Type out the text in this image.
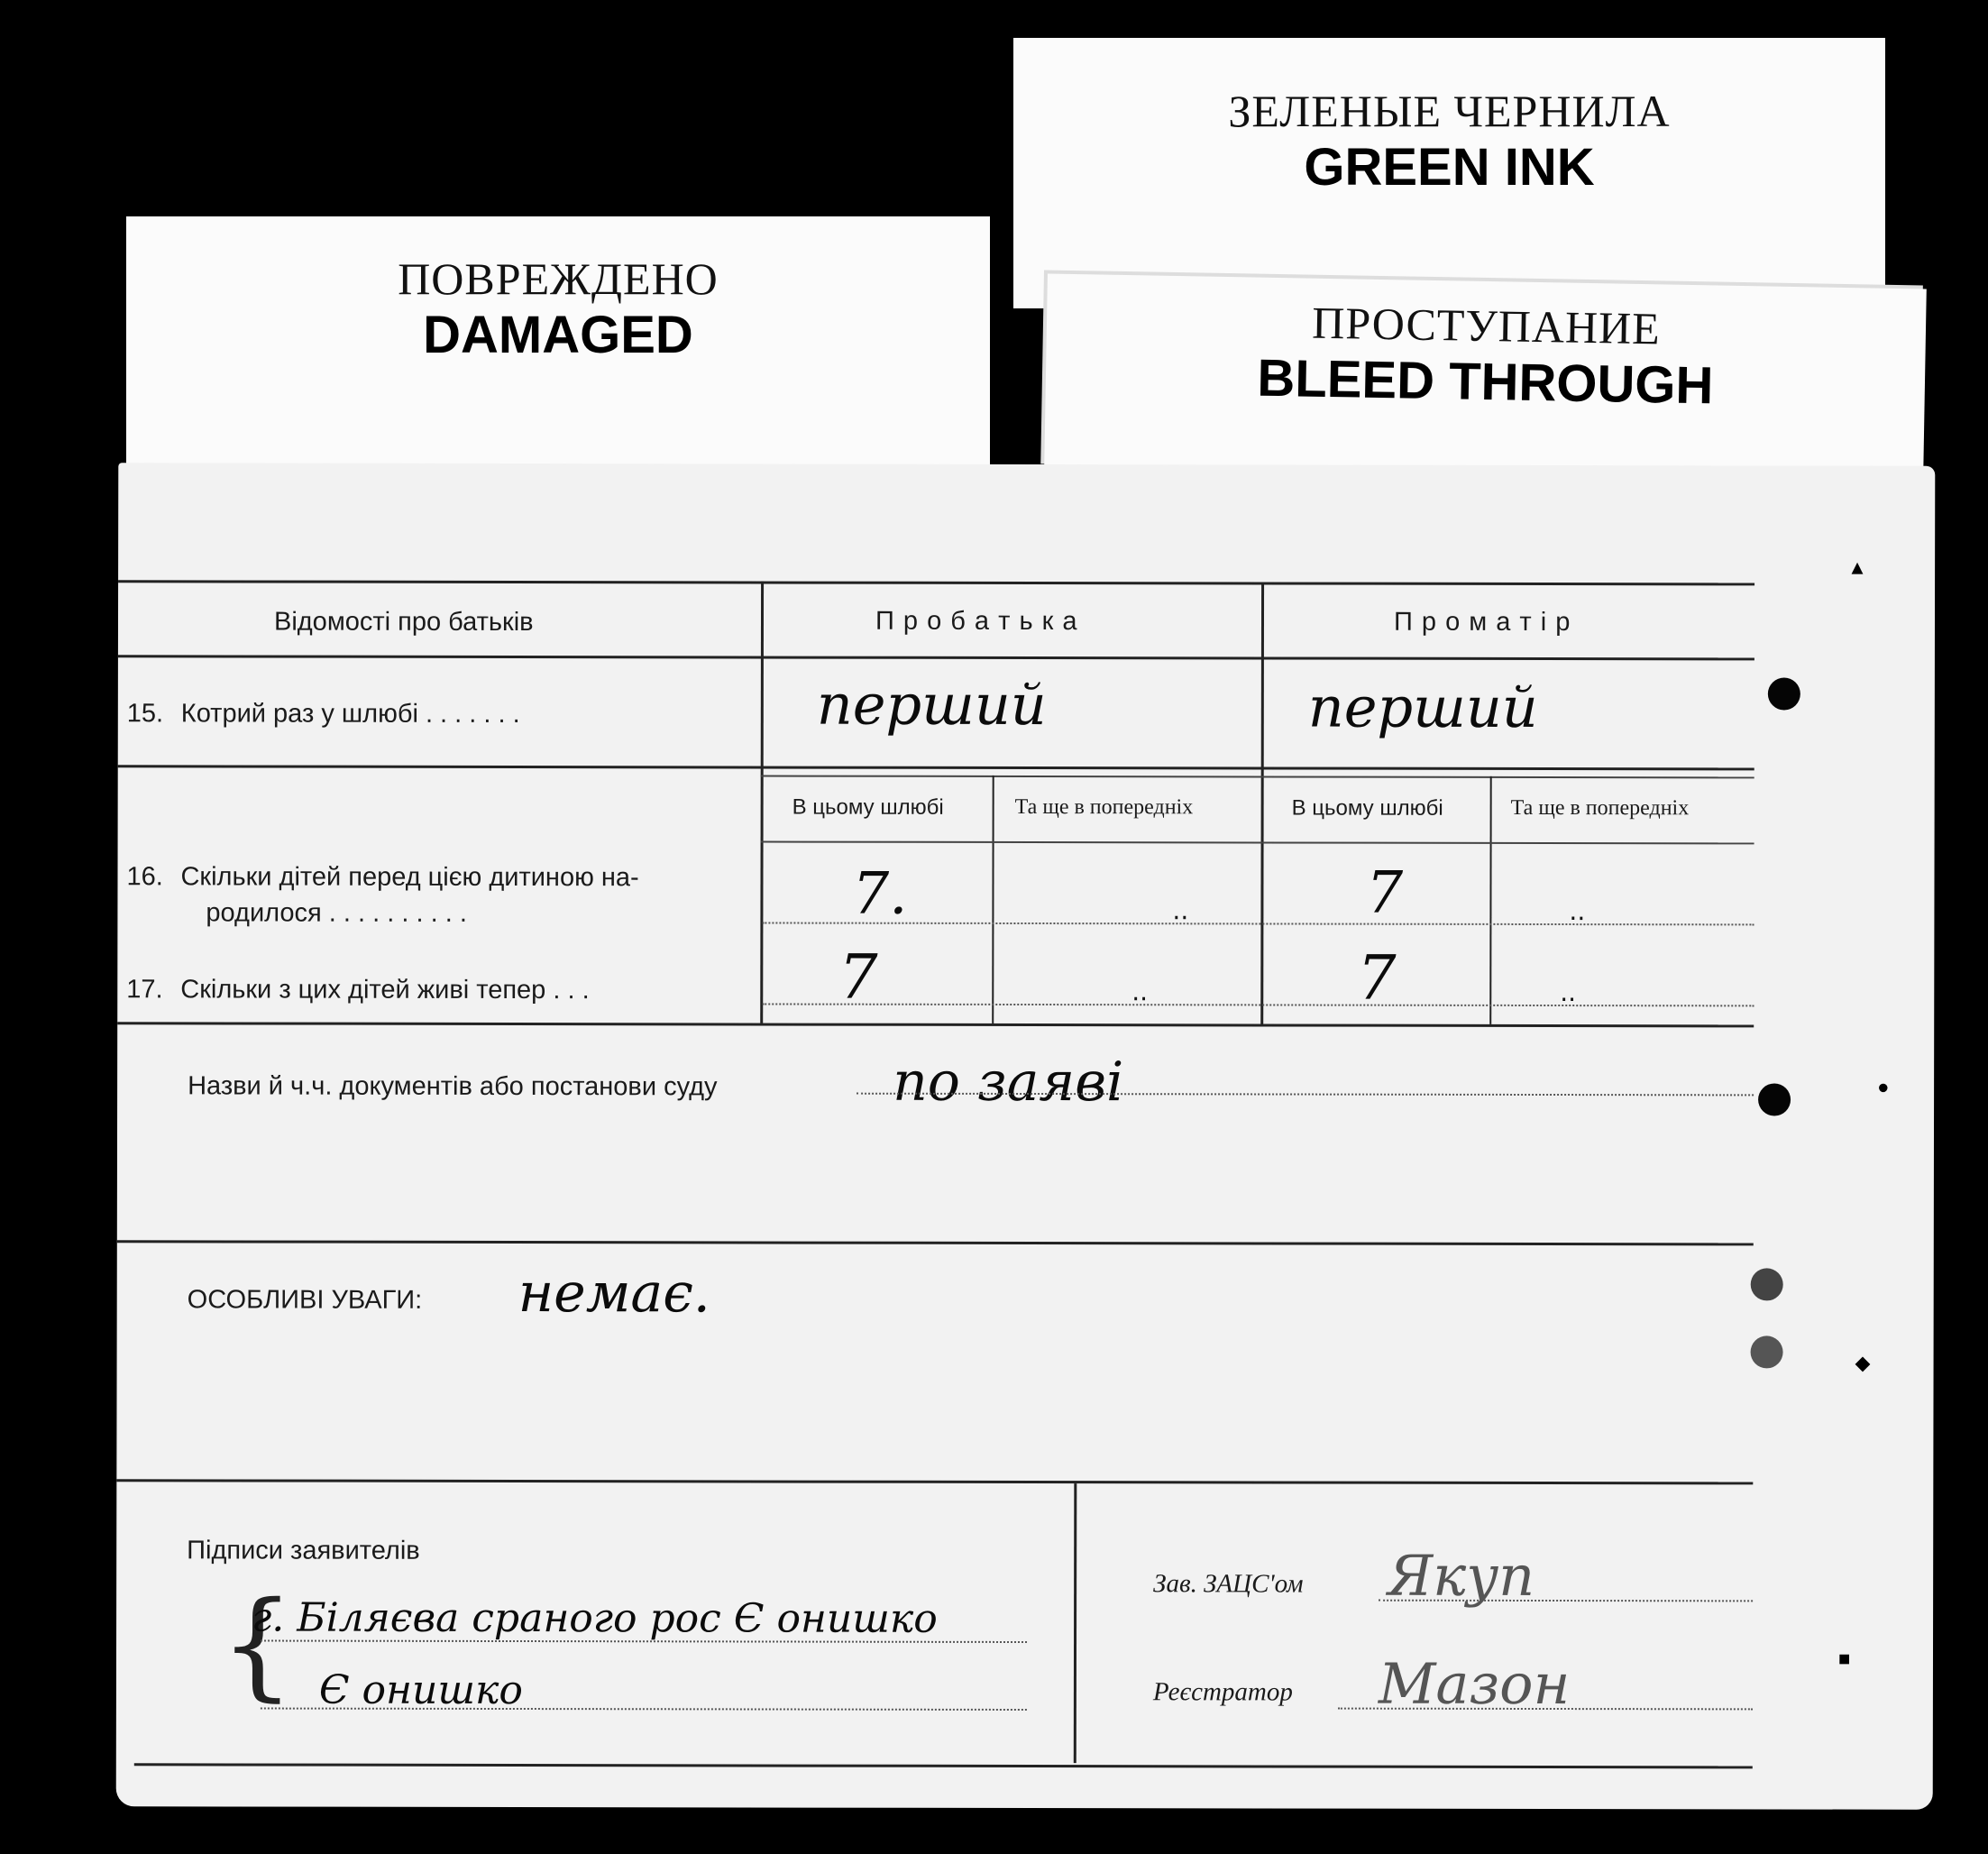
ПОВРЕЖДЕНО
DAMAGED
ЗЕЛЕНЫЕ ЧЕРНИЛА
GREEN INK
ПРОСТУПАНИЕ
BLEED THROUGH
Відомості про батьків	П р о б а т ь к а	П р о м а т і р
15. Котрий раз у шлюбі . . . . . . .	перший	перший
В цьому шлюбі	Та ще в попередніх	В цьому шлюбі	Та ще в попередніх
16. Скільки дітей перед цією дитиною на-
родилося . . . . . . . . . .	7.	..	7	..
17. Скільки з цих дітей живі тепер . . .	7	..	7	..
Назви й ч.ч. документів або постанови суду	по заяві
ОСОБЛИВІ УВАГИ: немає.
Підписи заявителів
{
г. Біляєва сраного рос Є онишко
Є онишко
Зав. ЗАЦС'ом Якуп
Реєстратор Мазон
▲
●
◆
■
